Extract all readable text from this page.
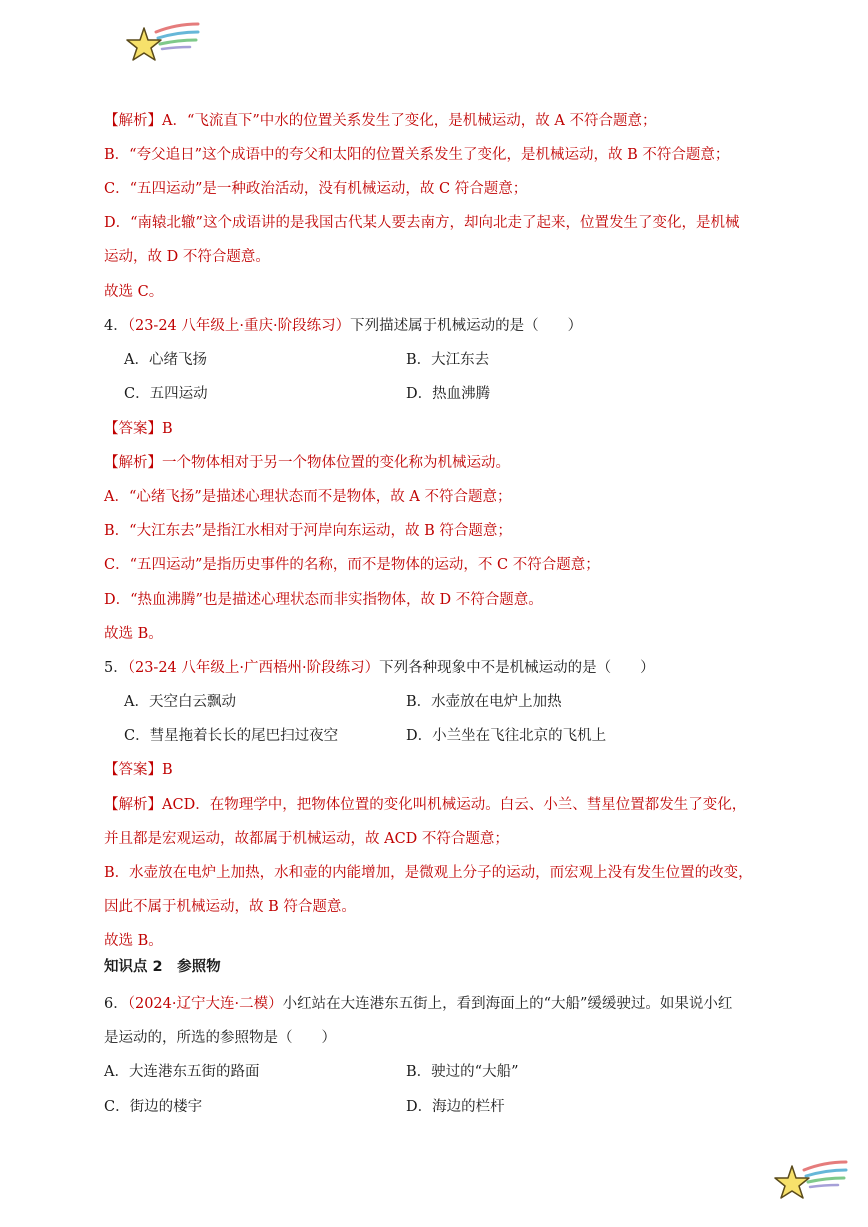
【解析】A．“飞流直下”中水的位置关系发生了变化，是机械运动，故 A 不符合题意；
B．“夸父追日”这个成语中的夸父和太阳的位置关系发生了变化，是机械运动，故 B 不符合题意；
C．“五四运动”是一种政治活动，没有机械运动，故 C 符合题意；
D．“南辕北辙”这个成语讲的是我国古代某人要去南方，却向北走了起来，位置发生了变化，是机械
运动，故 D 不符合题意。
故选 C。
4．（23-24 八年级上·重庆·阶段练习）下列描述属于机械运动的是（　　）
A．心绪飞扬	B．大江东去
C．五四运动	D．热血沸腾
【答案】B
【解析】一个物体相对于另一个物体位置的变化称为机械运动。
A．“心绪飞扬”是描述心理状态而不是物体，故 A 不符合题意；
B．“大江东去”是指江水相对于河岸向东运动，故 B 符合题意；
C．“五四运动”是指历史事件的名称，而不是物体的运动，不 C 不符合题意；
D．“热血沸腾”也是描述心理状态而非实指物体，故 D 不符合题意。
故选 B。
5．（23-24 八年级上·广西梧州·阶段练习）下列各种现象中不是机械运动的是（　　）
A．天空白云飘动	B．水壶放在电炉上加热
C．彗星拖着长长的尾巴扫过夜空	D．小兰坐在飞往北京的飞机上
【答案】B
【解析】ACD．在物理学中，把物体位置的变化叫机械运动。白云、小兰、彗星位置都发生了变化，
并且都是宏观运动，故都属于机械运动，故 ACD 不符合题意；
B．水壶放在电炉上加热，水和壶的内能增加，是微观上分子的运动，而宏观上没有发生位置的改变，
因此不属于机械运动，故 B 符合题意。
故选 B。
知识点 2　参照物
6．（2024·辽宁大连·二模）小红站在大连港东五街上，看到海面上的“大船”缓缓驶过。如果说小红
是运动的，所选的参照物是（　　）
A．大连港东五街的路面	B．驶过的“大船”
C．街边的楼宇	D．海边的栏杆
